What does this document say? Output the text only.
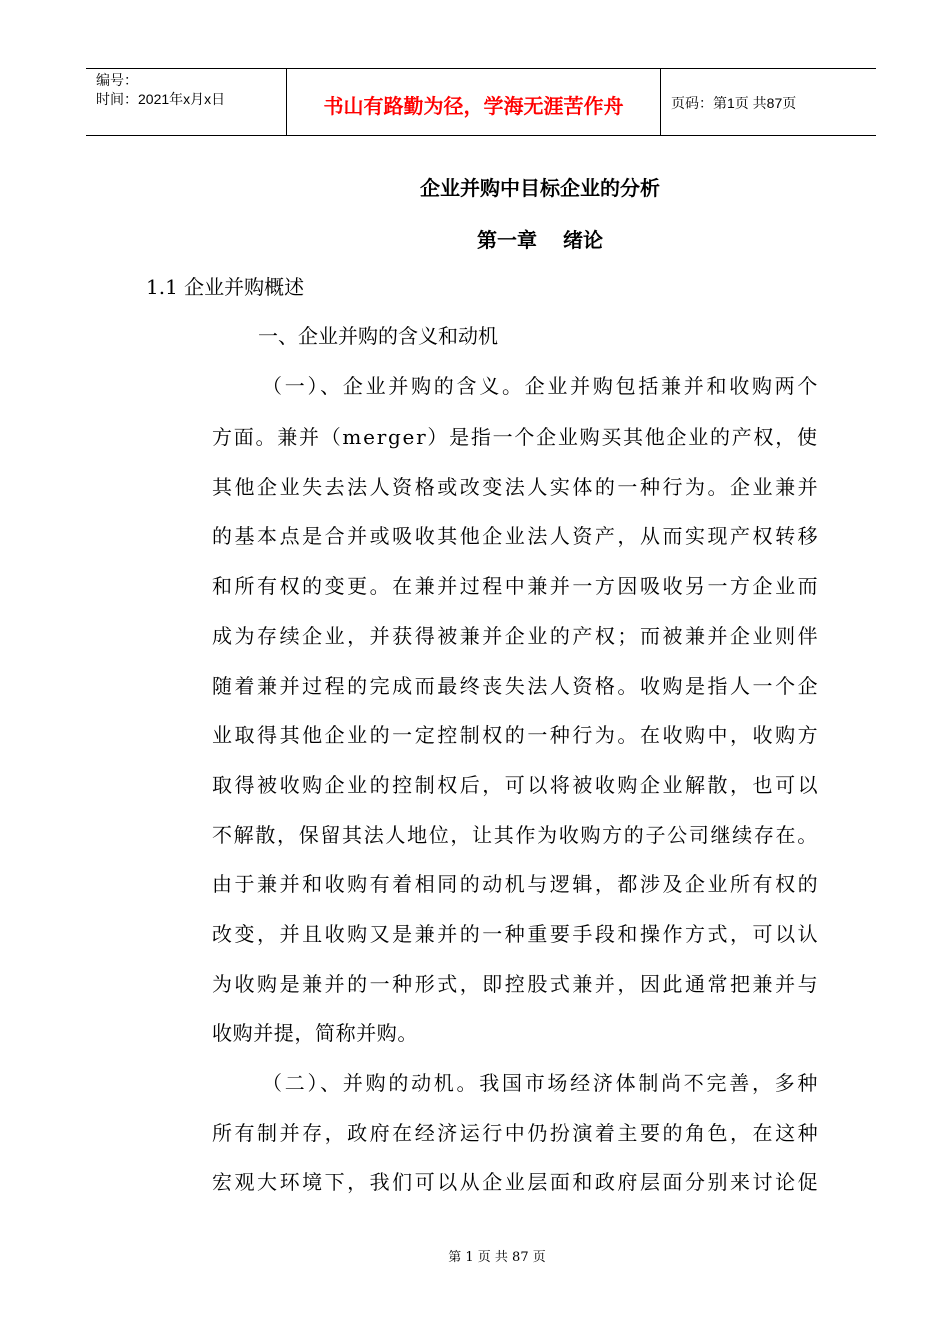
编号：
时间：2021年x月x日	书山有路勤为径，学海无涯苦作舟	页码：第1页 共87页
企业并购中目标企业的分析
第一章 绪论
1.1 企业并购概述
一、企业并购的含义和动机
（一）、企业并购的含义。企业并购包括兼并和收购两个
方面。兼并（merger）是指一个企业购买其他企业的产权，使
其他企业失去法人资格或改变法人实体的一种行为。企业兼并
的基本点是合并或吸收其他企业法人资产，从而实现产权转移
和所有权的变更。在兼并过程中兼并一方因吸收另一方企业而
成为存续企业，并获得被兼并企业的产权；而被兼并企业则伴
随着兼并过程的完成而最终丧失法人资格。收购是指人一个企
业取得其他企业的一定控制权的一种行为。在收购中，收购方
取得被收购企业的控制权后，可以将被收购企业解散，也可以
不解散，保留其法人地位，让其作为收购方的子公司继续存在。
由于兼并和收购有着相同的动机与逻辑，都涉及企业所有权的
改变，并且收购又是兼并的一种重要手段和操作方式，可以认
为收购是兼并的一种形式，即控股式兼并，因此通常把兼并与
收购并提，简称并购。
（二）、并购的动机。我国市场经济体制尚不完善，多种
所有制并存，政府在经济运行中仍扮演着主要的角色，在这种
宏观大环境下，我们可以从企业层面和政府层面分别来讨论促
第 1 页 共 87 页
